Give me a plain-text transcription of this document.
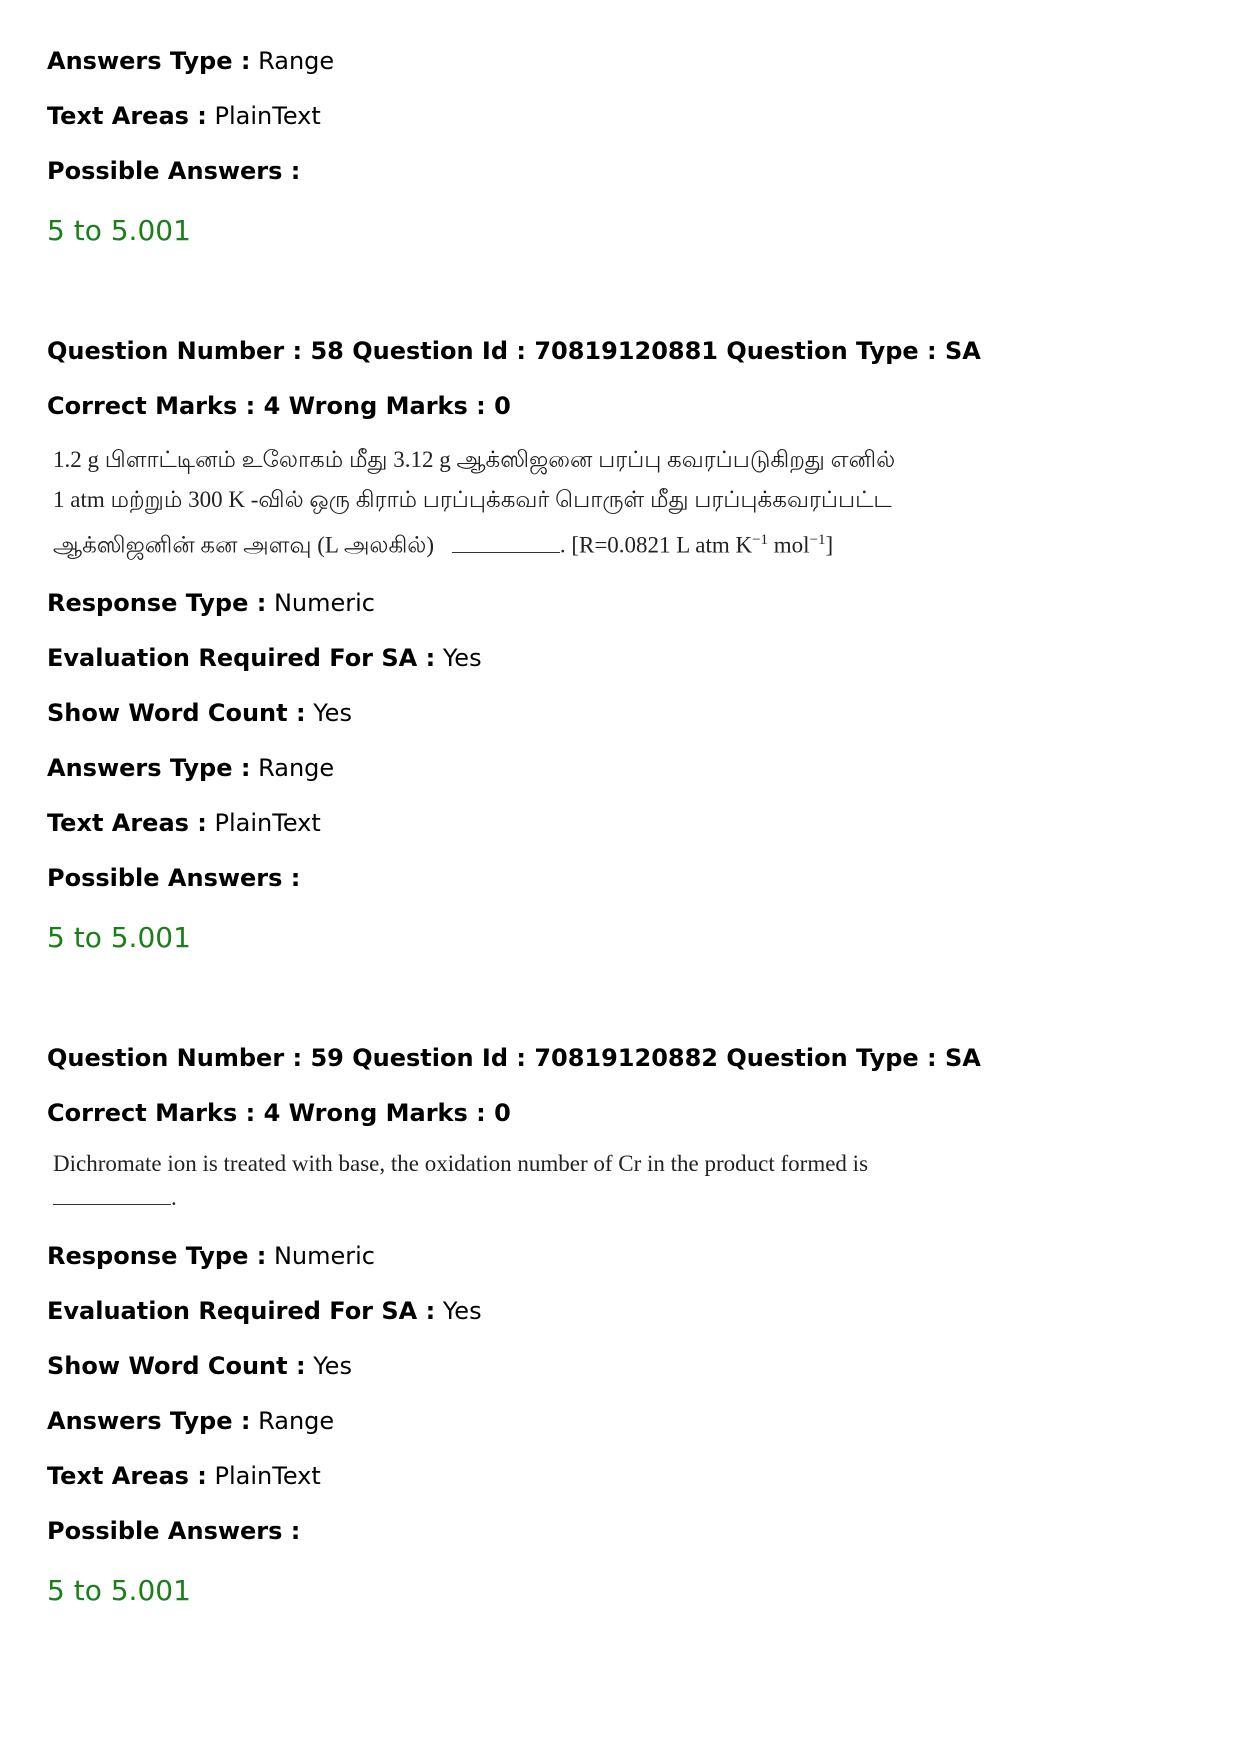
Answers Type : Range
Text Areas : PlainText
Possible Answers :
5 to 5.001
Question Number : 58 Question Id : 70819120881 Question Type : SA
Correct Marks : 4 Wrong Marks : 0
1.2 g பிளாட்டினம் உலோகம் மீது 3.12 g ஆக்ஸிஜனை பரப்பு கவரப்படுகிறது எனில்
1 atm மற்றும் 300 K -வில் ஒரு கிராம் பரப்புக்கவர் பொருள் மீது பரப்புக்கவரப்பட்ட
ஆக்ஸிஜனின் கன அளவு (L அலகில்)	. [R=0.0821 L atm $K^{-1}$ mol$^{-1}$]
Response Type : Numeric
Evaluation Required For SA : Yes
Show Word Count : Yes
Answers Type : Range
Text Areas : PlainText
Possible Answers :
5 to 5.001
Question Number : 59 Question Id : 70819120882 Question Type : SA
Correct Marks : 4 Wrong Marks : 0
Dichromate ion is treated with base, the oxidation number of Cr in the product formed is
.
Response Type : Numeric
Evaluation Required For SA : Yes
Show Word Count : Yes
Answers Type : Range
Text Areas : PlainText
Possible Answers :
5 to 5.001
